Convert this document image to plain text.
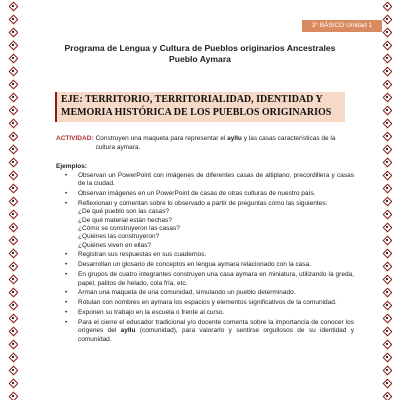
3° BÁSICO Unidad 1
Programa de Lengua y Cultura de Pueblos originarios Ancestrales
Pueblo Aymara
EJE: TERRITORIO, TERRITORIALIDAD, IDENTIDAD Y
MEMORIA HISTÓRICA DE LOS PUEBLOS ORIGINARIOS
ACTIVIDAD: Construyen una maqueta para representar el ayllu y las casas características de la cultura aymara.
Ejemplos:
• Observan un PowerPoint con imágenes de diferentes casas de altiplano, precordillera y casas de la ciudad.
• Observan imágenes en un PowerPoint de casas de otras culturas de nuestro país.
• Reflexionan y comentan sobre lo observado a partir de preguntas como las siguientes:
¿De qué pueblo son las casas?
¿De qué material están hechas?
¿Cómo se construyeron las casas?
¿Quiénes las construyeron?
¿Quiénes viven en ellas?
• Registran sus respuestas en sus cuadernos.
• Desarrollan un glosario de conceptos en lengua aymara relacionado con la casa.
• En grupos de cuatro integrantes construyen una casa aymara en miniatura, utilizando la greda, papel, palitos de helado, cola fría, etc.
• Arman una maqueta de una comunidad, simulando un pueblo determinado.
• Rotulan con nombres en aymara los espacios y elementos significativos de la comunidad.
• Exponen su trabajo en la escuela o frente al curso.
• Para el cierre el educador tradicional y/o docente comenta sobre la importancia de conocer los orígenes del ayllu (comunidad), para valorarlo y sentirse orgullosos de su identidad y comunidad.
